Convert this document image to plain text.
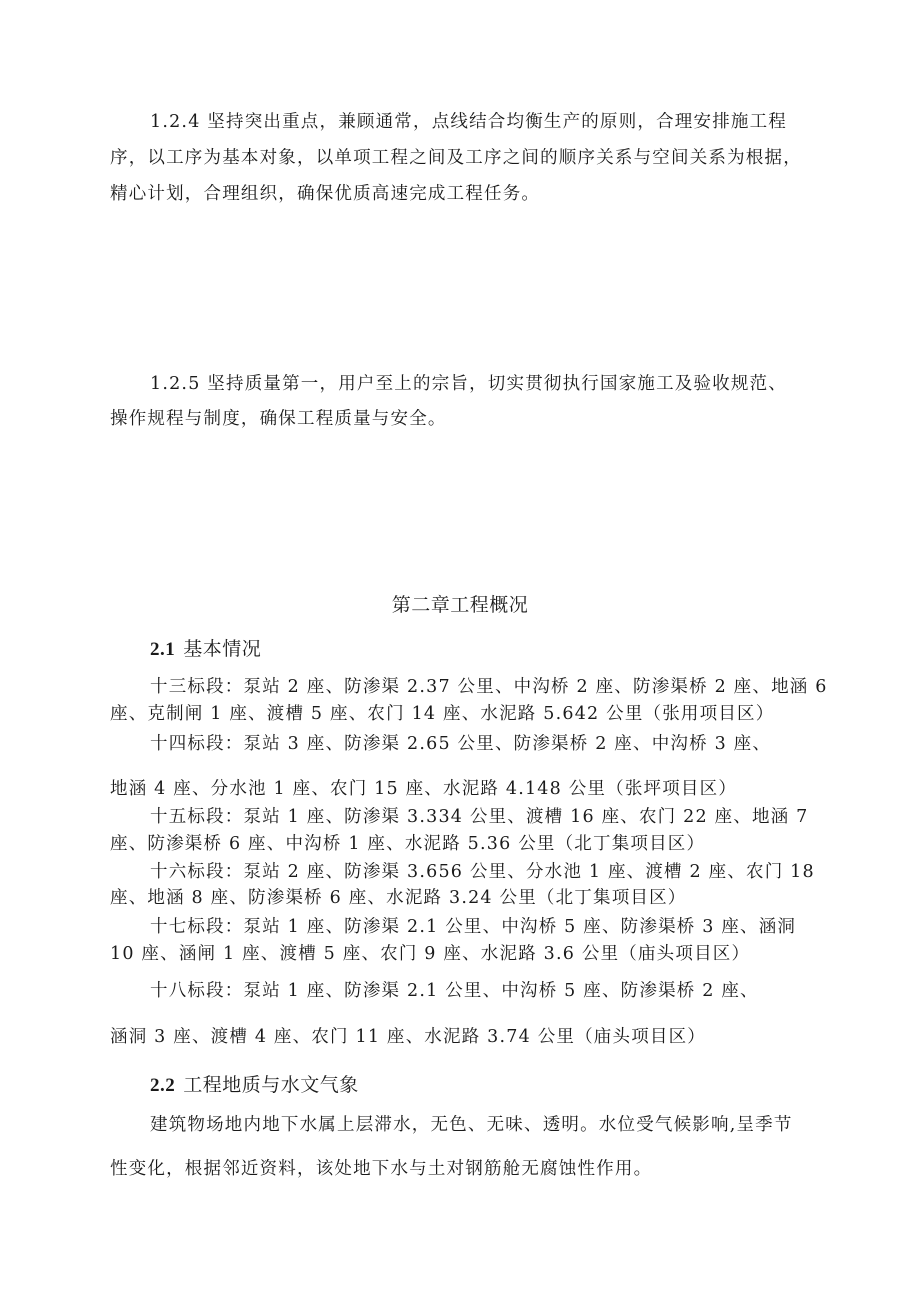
1.2.4 坚持突出重点，兼顾通常，点线结合均衡生产的原则，合理安排施工程
序，以工序为基本对象，以单项工程之间及工序之间的顺序关系与空间关系为根据，
精心计划，合理组织，确保优质高速完成工程任务。
1.2.5 坚持质量第一，用户至上的宗旨，切实贯彻执行国家施工及验收规范、
操作规程与制度，确保工程质量与安全。
第二章工程概况
2.1 基本情况
十三标段：泵站 2 座、防渗渠 2.37 公里、中沟桥 2 座、防渗渠桥 2 座、地涵 6
座、克制闸 1 座、渡槽 5 座、农门 14 座、水泥路 5.642 公里（张用项目区）
十四标段：泵站 3 座、防渗渠 2.65 公里、防渗渠桥 2 座、中沟桥 3 座、
地涵 4 座、分水池 1 座、农门 15 座、水泥路 4.148 公里（张坪项目区）
十五标段：泵站 1 座、防渗渠 3.334 公里、渡槽 16 座、农门 22 座、地涵 7
座、防渗渠桥 6 座、中沟桥 1 座、水泥路 5.36 公里（北丁集项目区）
十六标段：泵站 2 座、防渗渠 3.656 公里、分水池 1 座、渡槽 2 座、农门 18
座、地涵 8 座、防渗渠桥 6 座、水泥路 3.24 公里（北丁集项目区）
十七标段：泵站 1 座、防渗渠 2.1 公里、中沟桥 5 座、防渗渠桥 3 座、涵洞
10 座、涵闸 1 座、渡槽 5 座、农门 9 座、水泥路 3.6 公里（庙头项目区）
十八标段：泵站 1 座、防渗渠 2.1 公里、中沟桥 5 座、防渗渠桥 2 座、
涵洞 3 座、渡槽 4 座、农门 11 座、水泥路 3.74 公里（庙头项目区）
2.2 工程地质与水文气象
建筑物场地内地下水属上层滞水，无色、无味、透明。水位受气候影响,呈季节
性变化，根据邻近资料，该处地下水与土对钢筋舱无腐蚀性作用。
